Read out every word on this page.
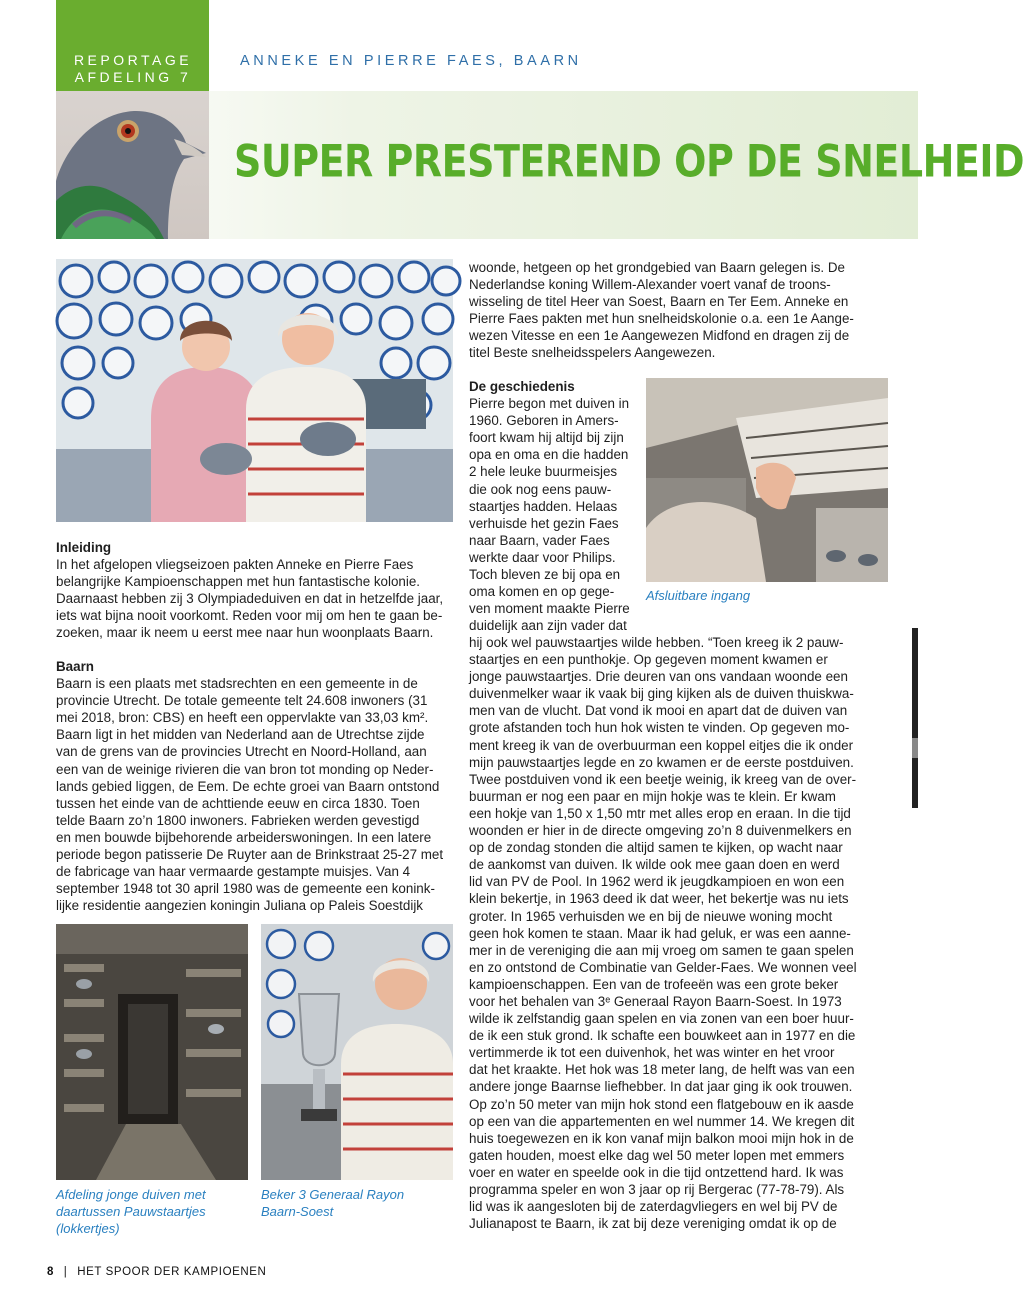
REPORTAGE
AFDELING 7
ANNEKE EN PIERRE FAES, BAARN
SUPER PRESTEREND OP DE SNELHEID
Inleiding

In het afgelopen vliegseizoen pakten Anneke en Pierre Faes

belangrijke Kampioenschappen met hun fantastische kolonie.

Daarnaast hebben zij 3 Olympiadeduiven en dat in hetzelfde jaar,

iets wat bijna nooit voorkomt. Reden voor mij om hen te gaan be-

zoeken, maar ik neem u eerst mee naar hun woonplaats Baarn.

Baarn

Baarn is een plaats met stadsrechten en een gemeente in de

provincie Utrecht. De totale gemeente telt 24.608 inwoners (31

mei 2018, bron: CBS) en heeft een oppervlakte van 33,03 km².

Baarn ligt in het midden van Nederland aan de Utrechtse zijde

van de grens van de provincies Utrecht en Noord-Holland, aan

een van de weinige rivieren die van bron tot monding op Neder-

lands gebied liggen, de Eem. De echte groei van Baarn ontstond

tussen het einde van de achttiende eeuw en circa 1830. Toen

telde Baarn zo’n 1800 inwoners. Fabrieken werden gevestigd

en men bouwde bijbehorende arbeiderswoningen. In een latere

periode begon patisserie De Ruyter aan de Brinkstraat 25-27 met

de fabricage van haar vermaarde gestampte muisjes. Van 4

september 1948 tot 30 april 1980 was de gemeente een konink-

lijke residentie aangezien koningin Juliana op Paleis Soestdijk

Afdeling jonge duiven met
daartussen Pauwstaartjes
(lokkertjes)
Beker 3 Generaal Rayon
Baarn-Soest

woonde, hetgeen op het grondgebied van Baarn gelegen is. De

Nederlandse koning Willem-Alexander voert vanaf de troons-

wisseling de titel Heer van Soest, Baarn en Ter Eem. Anneke en

Pierre Faes pakten met hun snelheidskolonie o.a. een 1e Aange-

wezen Vitesse en een 1e Aangewezen Midfond en dragen zij de

titel Beste snelheidsspelers Aangewezen.

Afsluitbare ingang
De geschiedenis

Pierre begon met duiven in

1960. Geboren in Amers-

foort kwam hij altijd bij zijn

opa en oma en die hadden

2 hele leuke buurmeisjes

die ook nog eens pauw-

staartjes hadden. Helaas

verhuisde het gezin Faes

naar Baarn, vader Faes

werkte daar voor Philips.

Toch bleven ze bij opa en

oma komen en op gege-

ven moment maakte Pierre

duidelijk aan zijn vader dat

hij ook wel pauwstaartjes wilde hebben. “Toen kreeg ik 2 pauw-

staartjes en een punthokje. Op gegeven moment kwamen er

jonge pauwstaartjes. Drie deuren van ons vandaan woonde een

duivenmelker waar ik vaak bij ging kijken als de duiven thuiskwa-

men van de vlucht. Dat vond ik mooi en apart dat de duiven van

grote afstanden toch hun hok wisten te vinden. Op gegeven mo-

ment kreeg ik van de overbuurman een koppel eitjes die ik onder

mijn pauwstaartjes legde en zo kwamen er de eerste postduiven.

Twee postduiven vond ik een beetje weinig, ik kreeg van de over-

buurman er nog een paar en mijn hokje was te klein. Er kwam

een hokje van 1,50 x 1,50 mtr met alles erop en eraan. In die tijd

woonden er hier in de directe omgeving zo’n 8 duivenmelkers en

op de zondag stonden die altijd samen te kijken, op wacht naar

de aankomst van duiven. Ik wilde ook mee gaan doen en werd

lid van PV de Pool. In 1962 werd ik jeugdkampioen en won een

klein bekertje, in 1963 deed ik dat weer, het bekertje was nu iets

groter. In 1965 verhuisden we en bij de nieuwe woning mocht

geen hok komen te staan. Maar ik had geluk, er was een aanne-

mer in de vereniging die aan mij vroeg om samen te gaan spelen

en zo ontstond de Combinatie van Gelder-Faes. We wonnen veel

kampioenschappen. Een van de trofeeën was een grote beker

voor het behalen van 3ᵉ Generaal Rayon Baarn-Soest. In 1973

wilde ik zelfstandig gaan spelen en via zonen van een boer huur-

de ik een stuk grond. Ik schafte een bouwkeet aan in 1977 en die

vertimmerde ik tot een duivenhok, het was winter en het vroor

dat het kraakte. Het hok was 18 meter lang, de helft was van een

andere jonge Baarnse liefhebber. In dat jaar ging ik ook trouwen.

Op zo’n 50 meter van mijn hok stond een flatgebouw en ik aasde

op een van die appartementen en wel nummer 14. We kregen dit

huis toegewezen en ik kon vanaf mijn balkon mooi mijn hok in de

gaten houden, moest elke dag wel 50 meter lopen met emmers

voer en water en speelde ook in die tijd ontzettend hard. Ik was

programma speler en won 3 jaar op rij Bergerac (77-78-79). Als

lid was ik aangesloten bij de zaterdagvliegers en wel bij PV de

Julianapost te Baarn, ik zat bij deze vereniging omdat ik op de

8 | HET SPOOR DER KAMPIOENEN
